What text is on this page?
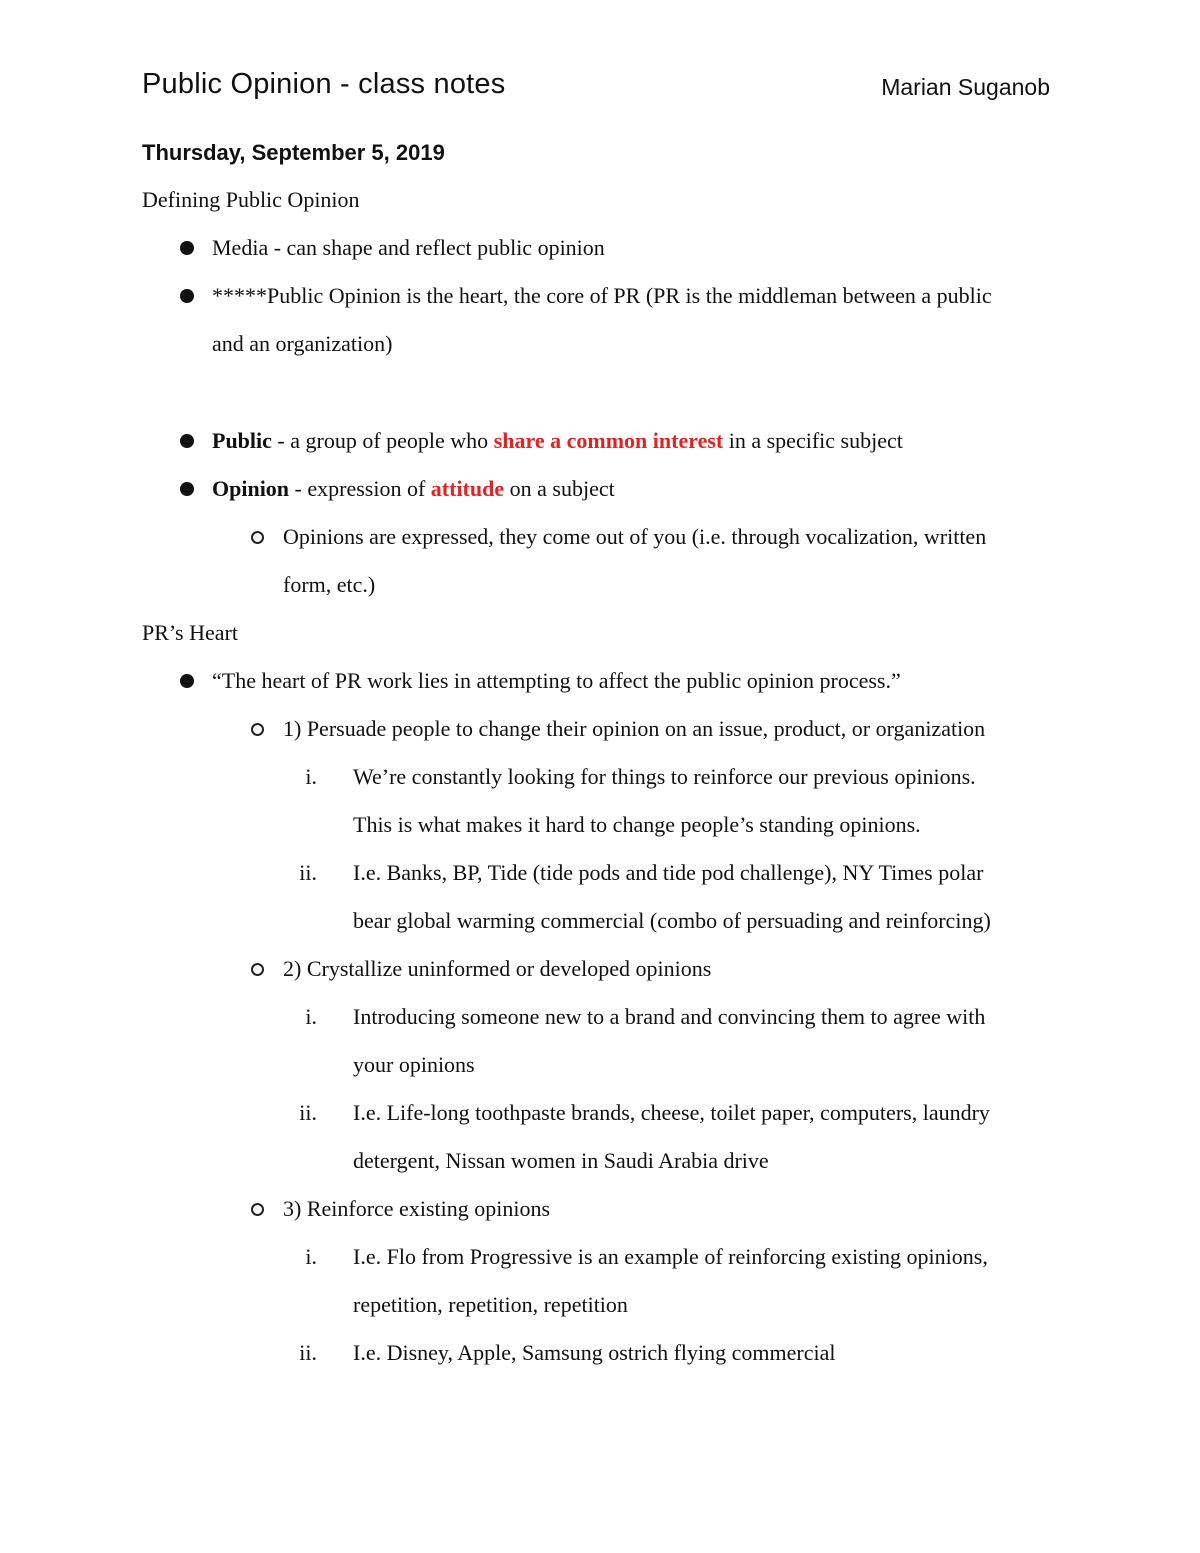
Public Opinion - class notes	Marian Suganob
Thursday, September 5, 2019
Defining Public Opinion
Media - can shape and reflect public opinion
*****Public Opinion is the heart, the core of PR (PR is the middleman between a public
and an organization)
Public - a group of people who share a common interest in a specific subject
Opinion - expression of attitude on a subject
Opinions are expressed, they come out of you (i.e. through vocalization, written
form, etc.)
PR’s Heart
“The heart of PR work lies in attempting to affect the public opinion process.”
1) Persuade people to change their opinion on an issue, product, or organization
i. We’re constantly looking for things to reinforce our previous opinions.
This is what makes it hard to change people’s standing opinions.
ii. I.e. Banks, BP, Tide (tide pods and tide pod challenge), NY Times polar
bear global warming commercial (combo of persuading and reinforcing)
2) Crystallize uninformed or developed opinions
i. Introducing someone new to a brand and convincing them to agree with
your opinions
ii. I.e. Life-long toothpaste brands, cheese, toilet paper, computers, laundry
detergent, Nissan women in Saudi Arabia drive
3) Reinforce existing opinions
i. I.e. Flo from Progressive is an example of reinforcing existing opinions,
repetition, repetition, repetition
ii. I.e. Disney, Apple, Samsung ostrich flying commercial
